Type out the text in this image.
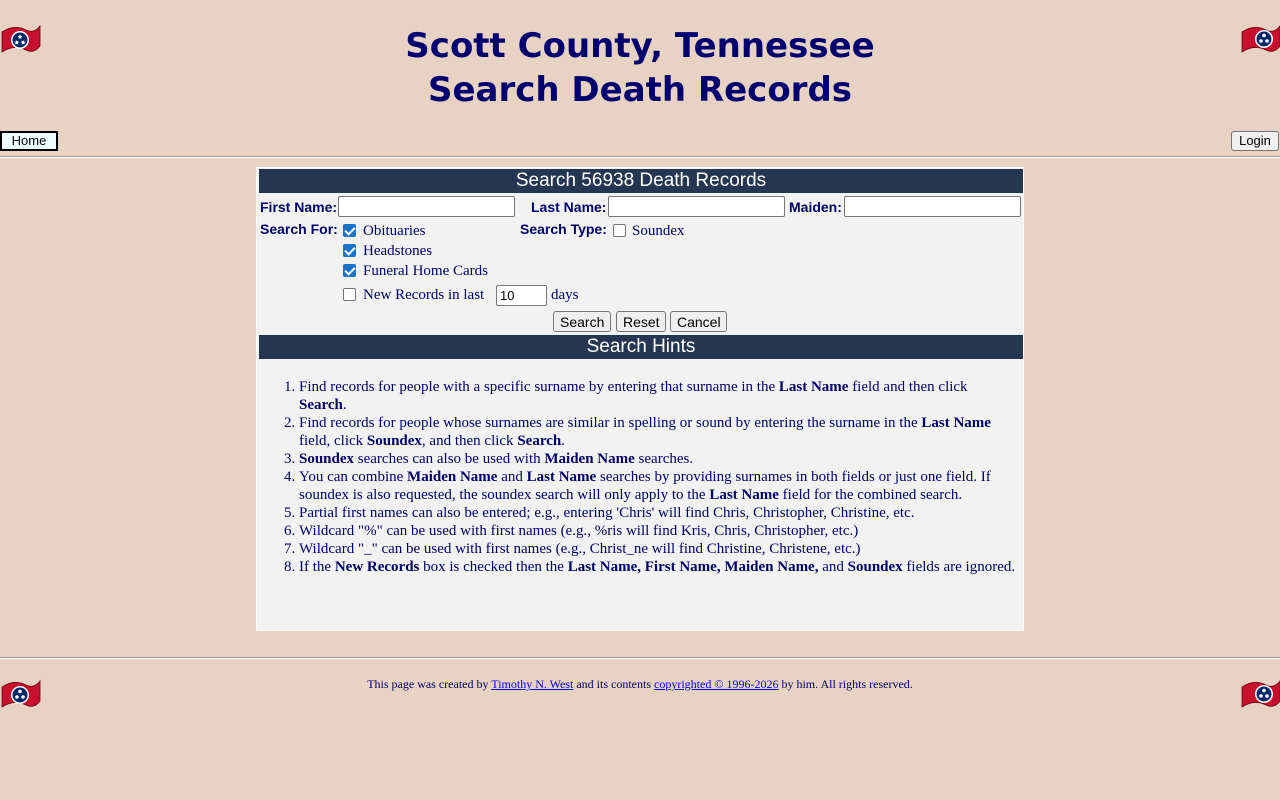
Scott County, Tennessee
Search Death Records
Home	Login
Search 56938 Death Records
First Name:	Last Name:	Maiden:
Search For:	Search Type:
Obituaries	Soundex
Headstones
Funeral Home Cards
New Records in last
10	days
Search	Reset	Cancel
Search Hints
1. Find records for people with a specific surname by entering that surname in the Last Name field and then click Search.
2. Find records for people whose surnames are similar in spelling or sound by entering the surname in the Last Name field, click Soundex, and then click Search.
3. Soundex searches can also be used with Maiden Name searches.
4. You can combine Maiden Name and Last Name searches by providing surnames in both fields or just one field. If soundex is also requested, the soundex search will only apply to the Last Name field for the combined search.
5. Partial first names can also be entered; e.g., entering 'Chris' will find Chris, Christopher, Christine, etc.
6. Wildcard "%" can be used with first names (e.g., %ris will find Kris, Chris, Christopher, etc.)
7. Wildcard "_" can be used with first names (e.g., Christ_ne will find Christine, Christene, etc.)
8. If the New Records box is checked then the Last Name, First Name, Maiden Name, and Soundex fields are ignored.
This page was created by Timothy N. West and its contents copyrighted © 1996-2026 by him. All rights reserved.
